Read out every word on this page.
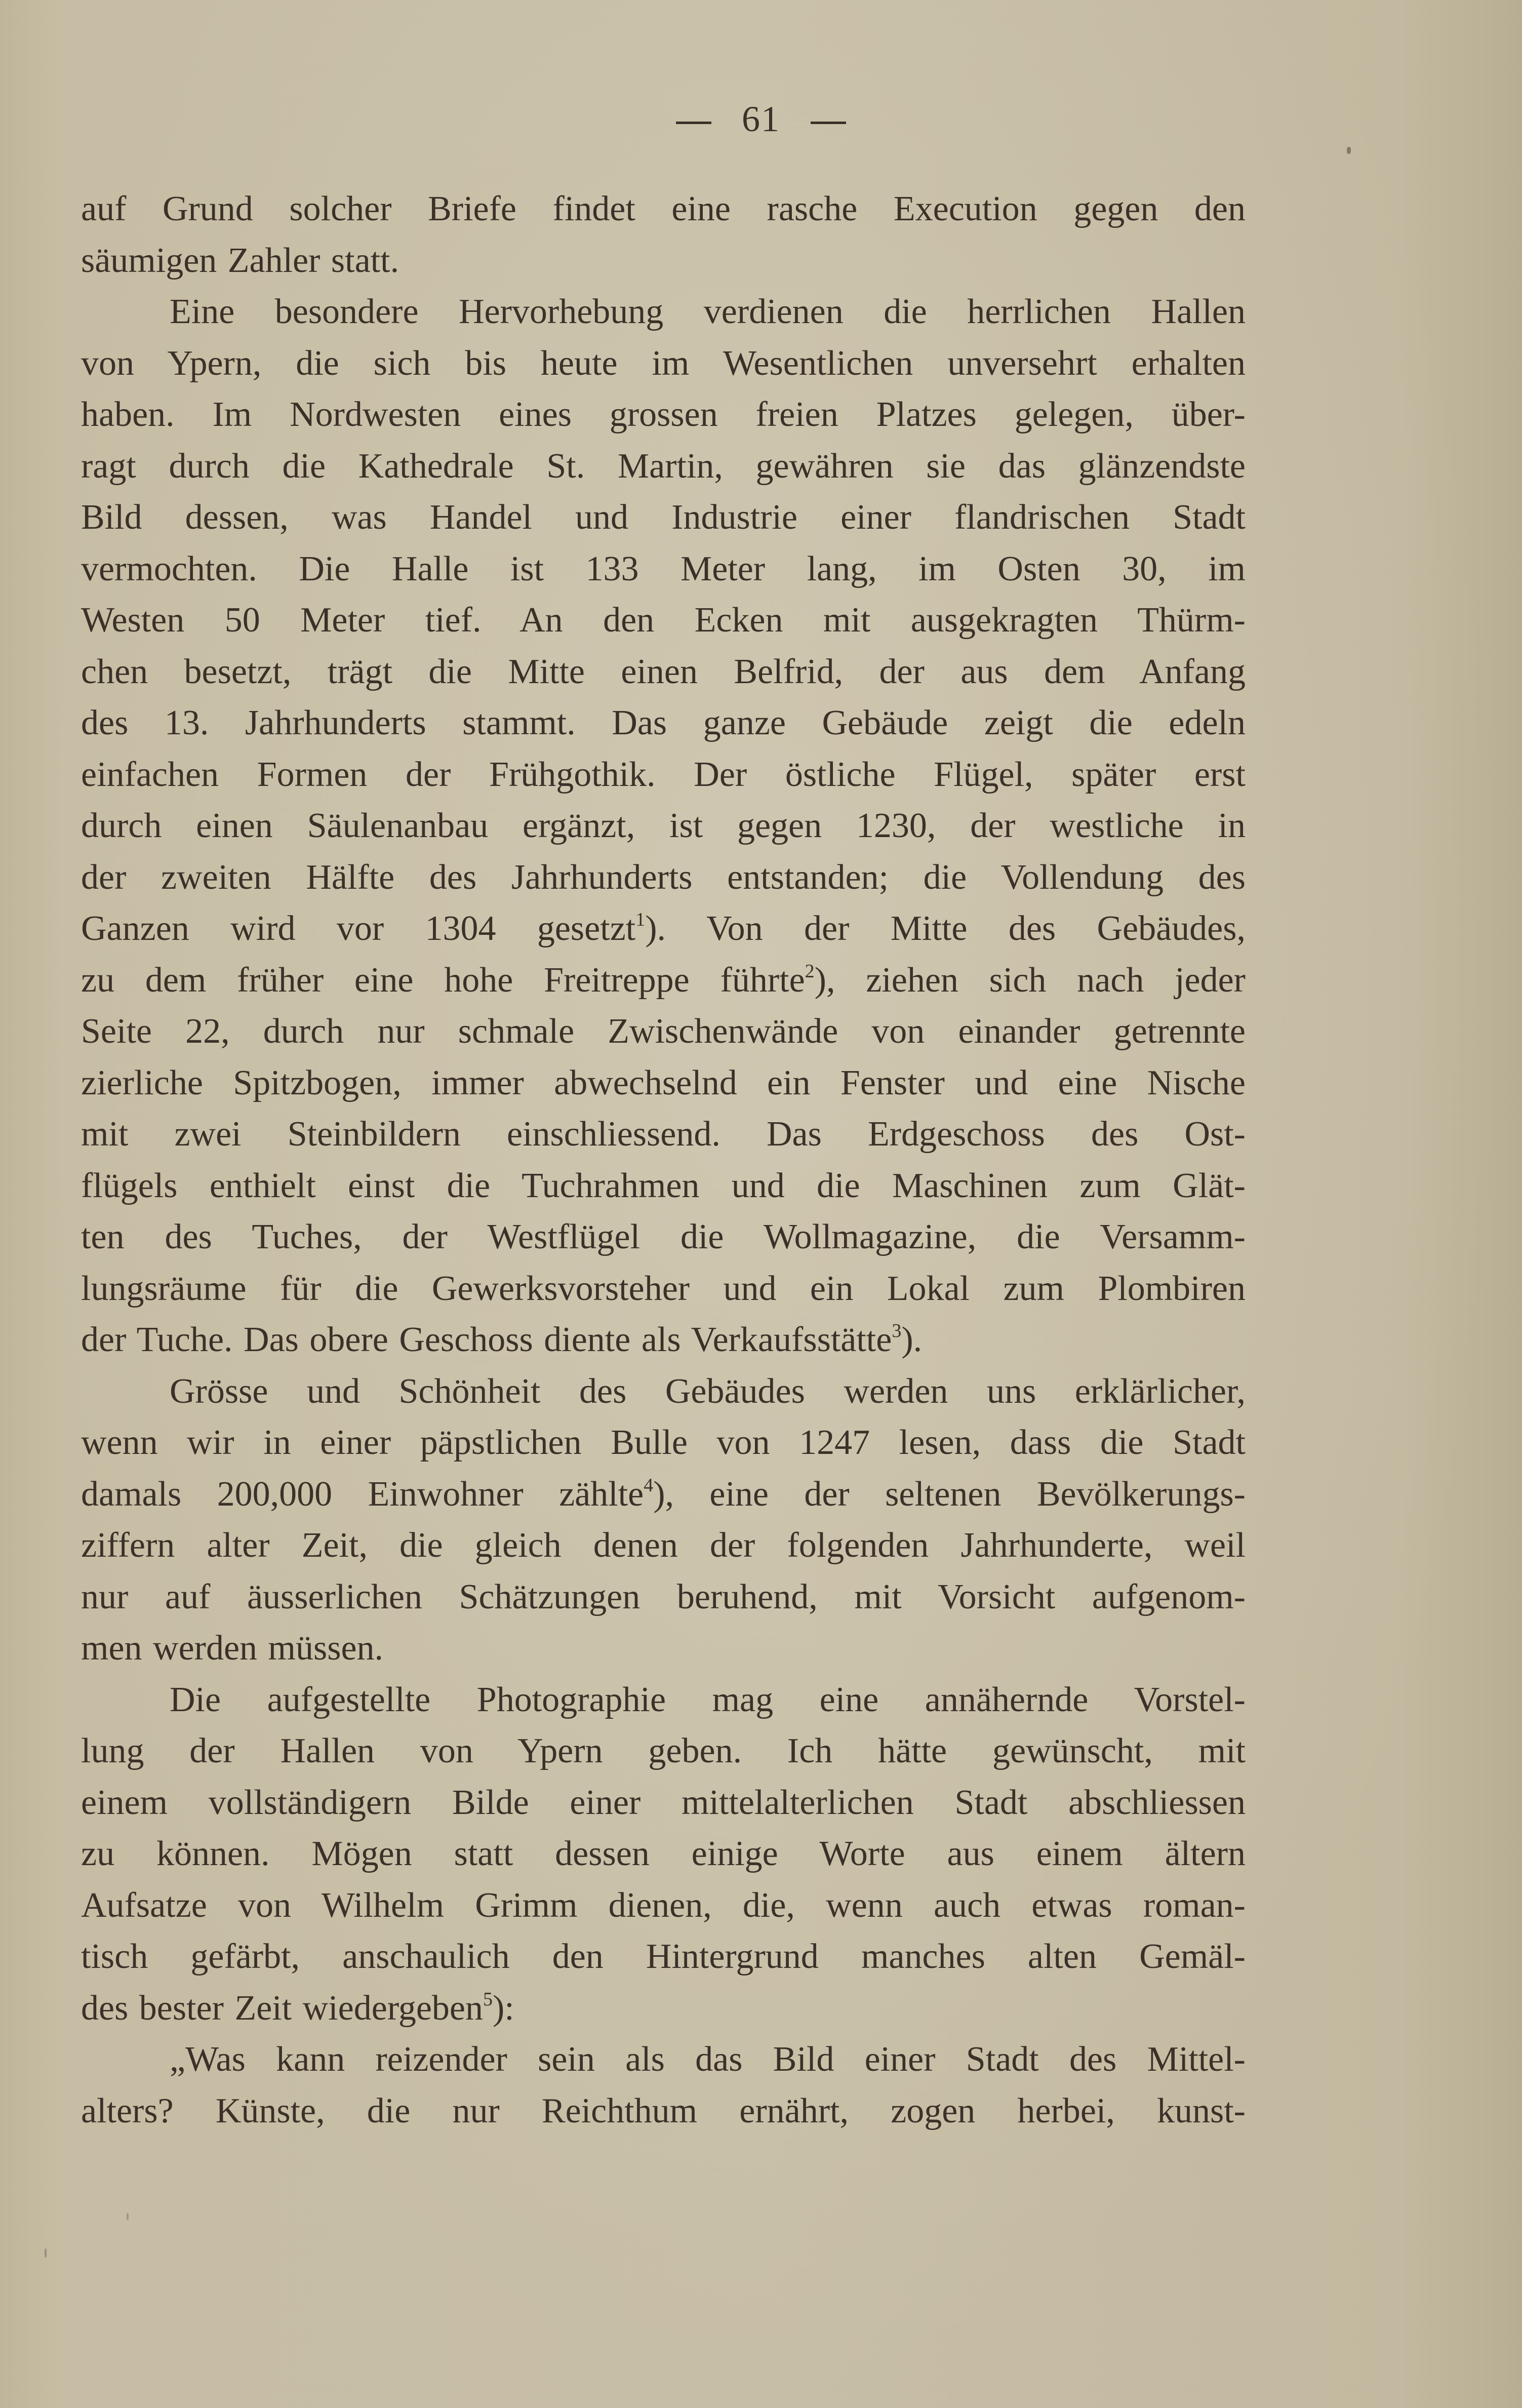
61
auf Grund solcher Briefe findet eine rasche Execution gegen den
säumigen Zahler statt.
Eine besondere Hervorhebung verdienen die herrlichen Hallen
von Ypern, die sich bis heute im Wesentlichen unversehrt erhalten
haben. Im Nordwesten eines grossen freien Platzes gelegen, über-
ragt durch die Kathedrale St. Martin, gewähren sie das glänzendste
Bild dessen, was Handel und Industrie einer flandrischen Stadt
vermochten. Die Halle ist 133 Meter lang, im Osten 30, im
Westen 50 Meter tief. An den Ecken mit ausgekragten Thürm-
chen besetzt, trägt die Mitte einen Belfrid, der aus dem Anfang
des 13. Jahrhunderts stammt. Das ganze Gebäude zeigt die edeln
einfachen Formen der Frühgothik. Der östliche Flügel, später erst
durch einen Säulenanbau ergänzt, ist gegen 1230, der westliche in
der zweiten Hälfte des Jahrhunderts entstanden; die Vollendung des
Ganzen wird vor 1304 gesetzt$^1$). Von der Mitte des Gebäudes,
zu dem früher eine hohe Freitreppe führte$^2$), ziehen sich nach jeder
Seite 22, durch nur schmale Zwischenwände von einander getrennte
zierliche Spitzbogen, immer abwechselnd ein Fenster und eine Nische
mit zwei Steinbildern einschliessend. Das Erdgeschoss des Ost-
flügels enthielt einst die Tuchrahmen und die Maschinen zum Glät-
ten des Tuches, der Westflügel die Wollmagazine, die Versamm-
lungsräume für die Gewerksvorsteher und ein Lokal zum Plombiren
der Tuche. Das obere Geschoss diente als Verkaufsstätte$^3$).
Grösse und Schönheit des Gebäudes werden uns erklärlicher,
wenn wir in einer päpstlichen Bulle von 1247 lesen, dass die Stadt
damals 200,000 Einwohner zählte$^4$), eine der seltenen Bevölkerungs-
ziffern alter Zeit, die gleich denen der folgenden Jahrhunderte, weil
nur auf äusserlichen Schätzungen beruhend, mit Vorsicht aufgenom-
men werden müssen.
Die aufgestellte Photographie mag eine annähernde Vorstel-
lung der Hallen von Ypern geben. Ich hätte gewünscht, mit
einem vollständigern Bilde einer mittelalterlichen Stadt abschliessen
zu können. Mögen statt dessen einige Worte aus einem ältern
Aufsatze von Wilhelm Grimm dienen, die, wenn auch etwas roman-
tisch gefärbt, anschaulich den Hintergrund manches alten Gemäl-
des bester Zeit wiedergeben$^5$):
„Was kann reizender sein als das Bild einer Stadt des Mittel-
alters? Künste, die nur Reichthum ernährt, zogen herbei, kunst-
